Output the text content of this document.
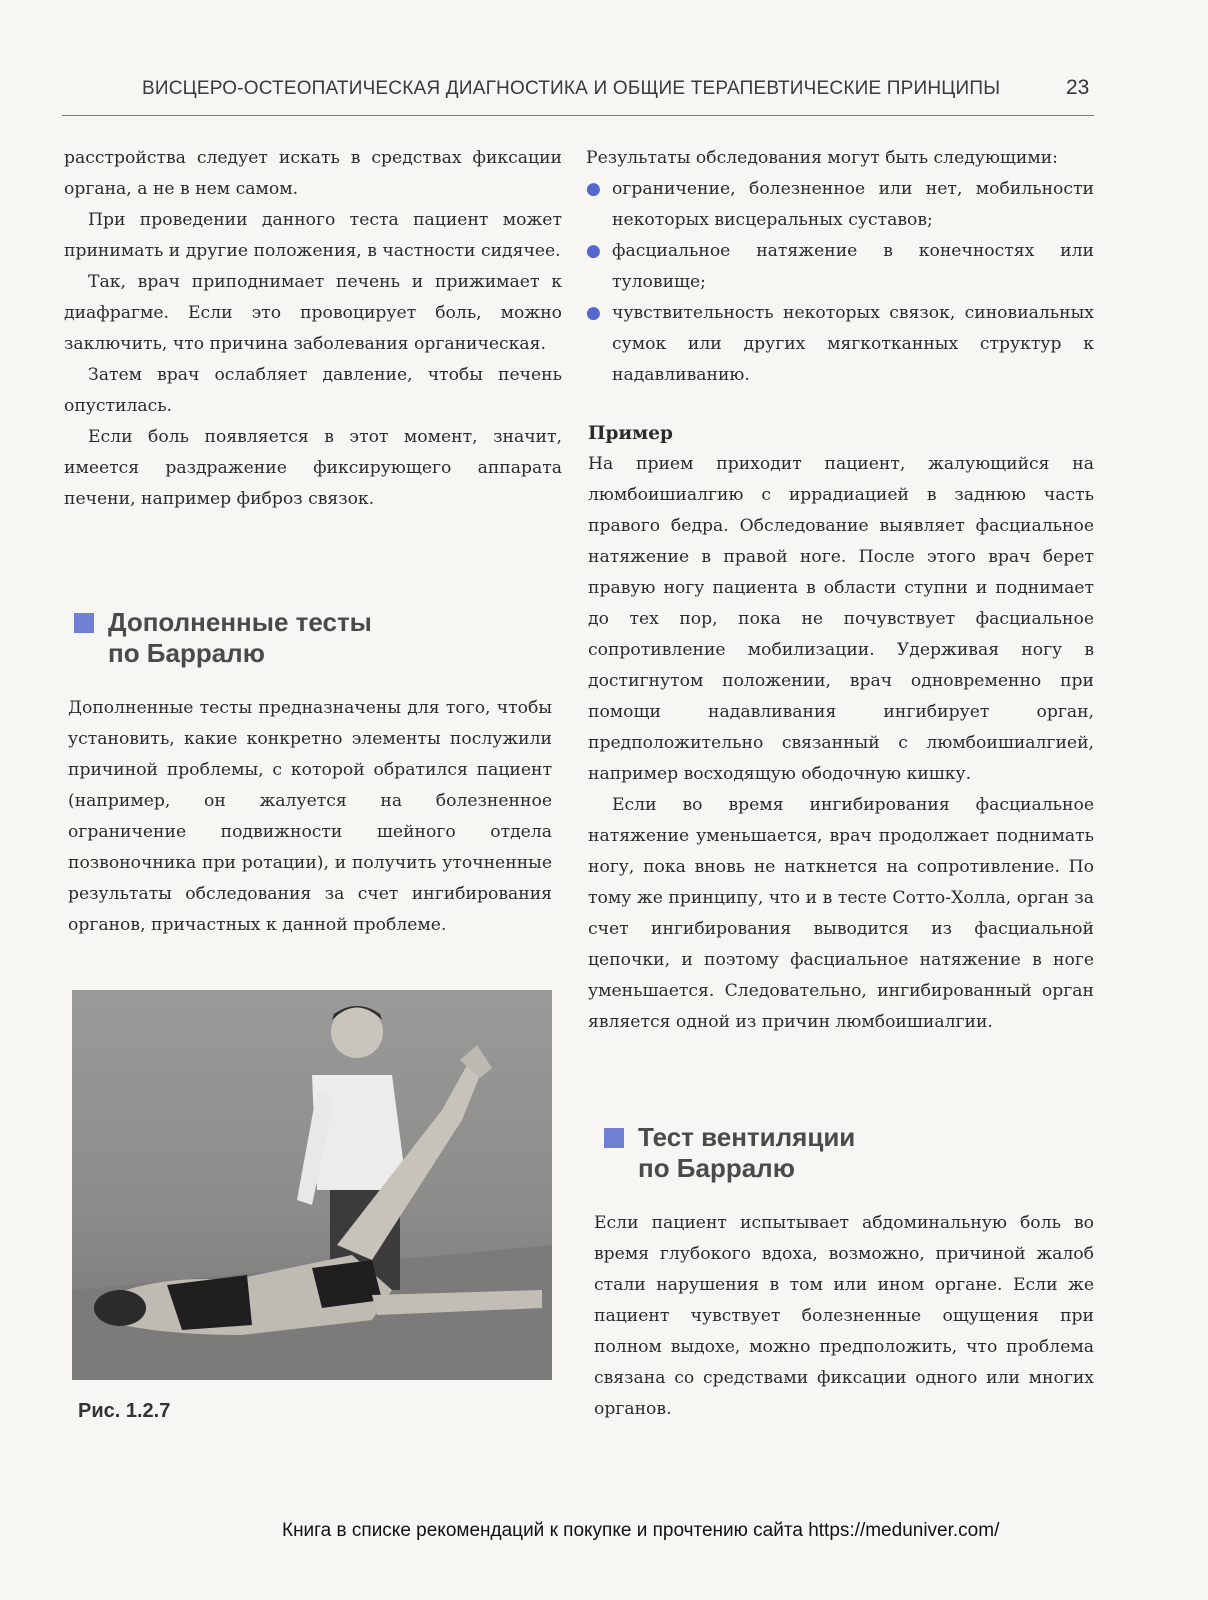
ВИСЦЕРО-ОСТЕОПАТИЧЕСКАЯ ДИАГНОСТИКА И ОБЩИЕ ТЕРАПЕВТИЧЕСКИЕ ПРИНЦИПЫ	23

расстройства следует искать в средствах фиксации органа, а не в нем самом.

При проведении данного теста пациент может принимать и другие положения, в частности сидячее.

Так, врач приподнимает печень и прижимает к диафрагме. Если это провоцирует боль, можно заключить, что причина заболевания органическая.

Затем врач ослабляет давление, чтобы печень опустилась.

Если боль появляется в этот момент, значит, имеется раздражение фиксирующего аппарата печени, например фиброз связок.

Дополненные тесты
по Барралю

Дополненные тесты предназначены для того, чтобы установить, какие конкретно элементы послужили причиной проблемы, с которой обратился пациент (например, он жалуется на болезненное ограничение подвижности шейного отдела позвоночника при ротации), и получить уточненные результаты обследования за счет ингибирования органов, причастных к данной проблеме.

Рис. 1.2.7

Результаты обследования могут быть следующими:

● ограничение, болезненное или нет, мобильности некоторых висцеральных суставов;
● фасциальное натяжение в конечностях или туловище;
● чувствительность некоторых связок, синовиальных сумок или других мягкотканных структур к надавливанию.

Пример

На прием приходит пациент, жалующийся на люмбоишиалгию с иррадиацией в заднюю часть правого бедра. Обследование выявляет фасциальное натяжение в правой ноге. После этого врач берет правую ногу пациента в области ступни и поднимает до тех пор, пока не почувствует фасциальное сопротивление мобилизации. Удерживая ногу в достигнутом положении, врач одновременно при помощи надавливания ингибирует орган, предположительно связанный с люмбоишиалгией, например восходящую ободочную кишку.

Если во время ингибирования фасциальное натяжение уменьшается, врач продолжает поднимать ногу, пока вновь не наткнется на сопротивление. По тому же принципу, что и в тесте Сотто-Холла, орган за счет ингибирования выводится из фасциальной цепочки, и поэтому фасциальное натяжение в ноге уменьшается. Следовательно, ингибированный орган является одной из причин люмбоишиалгии.

Тест вентиляции
по Барралю

Если пациент испытывает абдоминальную боль во время глубокого вдоха, возможно, причиной жалоб стали нарушения в том или ином органе. Если же пациент чувствует болезненные ощущения при полном выдохе, можно предположить, что проблема связана со средствами фиксации одного или многих органов.

Книга в списке рекомендаций к покупке и прочтению сайта https://meduniver.com/
